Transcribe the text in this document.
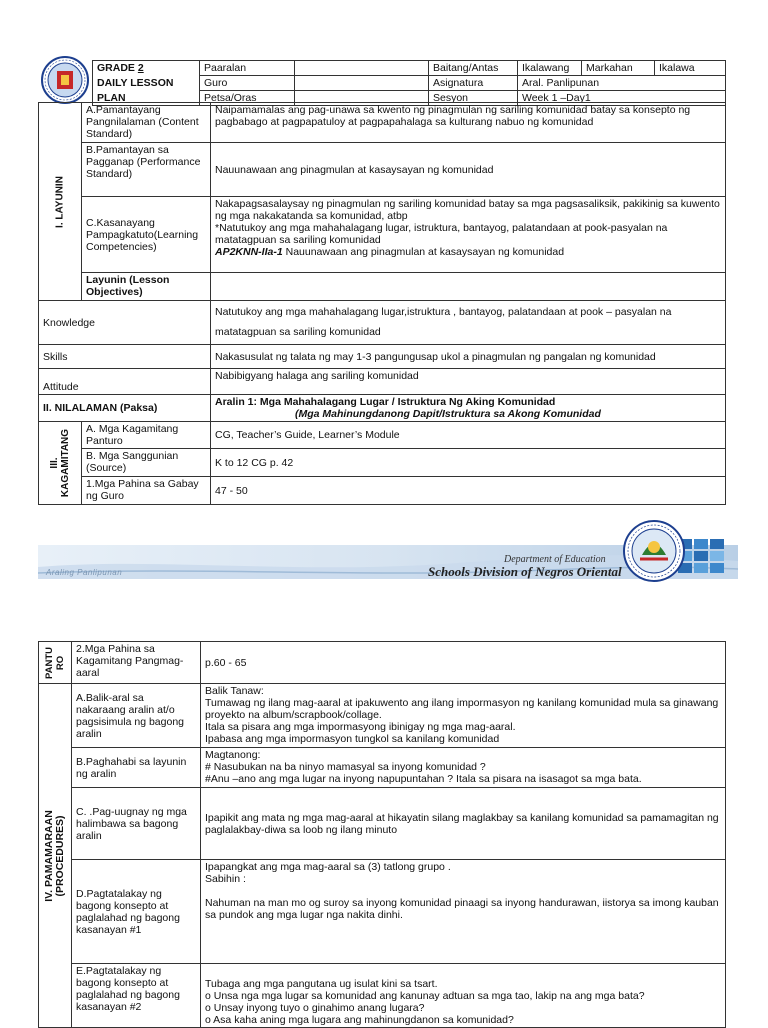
GRADE 2	Paaralan		Baitang/Antas	Ikalawang	Markahan	Ikalawa
DAILY LESSON	Guro		Asignatura	Aral. Panlipunan		
PLAN	Petsa/Oras		Sesyon	Week 1 –Day1		
I. LAYUNIN	A.Pamantayang Pangnilalaman (Content Standard)	Naipamamalas ang pag-unawa sa kwento ng pinagmulan ng sariling komunidad batay sa konsepto ng pagbabago at pagpapatuloy at pagpapahalaga sa kulturang nabuo ng komunidad
	B.Pamantayan sa Pagganap (Performance Standard)	Nauunawaan ang pinagmulan at kasaysayan ng komunidad
	C.Kasanayang Pampagkatuto(Learning Competencies)	Nakapagsasalaysay ng pinagmulan ng sariling komunidad batay sa mga pagsasaliksik, pakikinig sa kuwento ng mga nakakatanda sa komunidad, atbp
*Natutukoy ang mga mahahalagang lugar, istruktura, bantayog, palatandaan at pook-pasyalan na matatagpuan sa sariling komunidad
AP2KNN-IIa-1 Nauunawaan ang pinagmulan at kasaysayan ng komunidad

	Layunin (Lesson Objectives)	
Knowledge		Natutukoy ang mga mahahalagang lugar,istruktura , bantayog, palatandaan at pook – pasyalan na matatagpuan sa sariling komunidad
Skills		Nakasusulat ng talata ng may 1-3 pangungusap ukol a pinagmulan ng pangalan ng komunidad
Attitude		Nabibigyang halaga ang sariling komunidad
II. NILALAMAN (Paksa)		Aralin 1: Mga Mahahalagang Lugar / Istruktura Ng Aking Komunidad
(Mga Mahinungdanong Dapit/Istruktura sa Akong Komunidad

III. KAGAMITANG	A. Mga Kagamitang Panturo	CG, Teacher’s Guide, Learner’s Module
	B. Mga Sanggunian (Source)	K to 12 CG p. 42
	1.Mga Pahina sa Gabay ng Guro	47 - 50
Araling Panlipunan
Department of Education
Schools Division of Negros Oriental
PANTU RO	2.Mga Pahina sa Kagamitang Pangmag-aaral	p.60 - 65

IV. PAMAMARAAN (PROCEDURES)	A.Balik-aral sa nakaraang aralin at/o pagsisimula ng bagong aralin	Balik Tanaw:
Tumawag ng ilang mag-aaral at ipakuwento ang ilang impormasyon ng kanilang komunidad mula sa ginawang proyekto na album/scrapbook/collage.
Itala sa pisara ang mga impormasyong ibinigay ng mga mag-aaral.
Ipabasa ang mga impormasyon tungkol sa kanilang komunidad
	B.Paghahabi sa layunin ng aralin	Magtanong:
# Nasubukan na ba ninyo mamasyal sa inyong komunidad ?
#Anu –ano ang mga lugar na inyong napupuntahan ? Itala sa pisara na isasagot sa mga bata.
	C. .Pag-uugnay ng mga halimbawa sa bagong aralin	Ipapikit ang mata ng mga mag-aaral at hikayatin silang maglakbay sa kanilang komunidad sa pamamagitan ng paglalakbay-diwa sa loob ng ilang minuto
	D.Pagtatalakay ng bagong konsepto at paglalahad ng bagong kasanayan #1	Ipapangkat ang mga mag-aaral sa (3) tatlong grupo .
Sabihin :
Nahuman na man mo og suroy sa inyong komunidad pinaagi sa inyong handurawan, iistorya sa imong kauban sa pundok ang mga lugar nga nakita dinhi.

	E.Pagtatalakay ng bagong konsepto at paglalahad ng bagong kasanayan #2	Tubaga ang mga pangutana ug isulat kini sa tsart.
o Unsa nga mga lugar sa komunidad ang kanunay adtuan sa mga tao, lakip na ang mga bata?
o Unsay inyong tuyo o ginahimo anang lugara?
o Asa kaha aning mga lugara ang mahinungdanon sa komunidad?
